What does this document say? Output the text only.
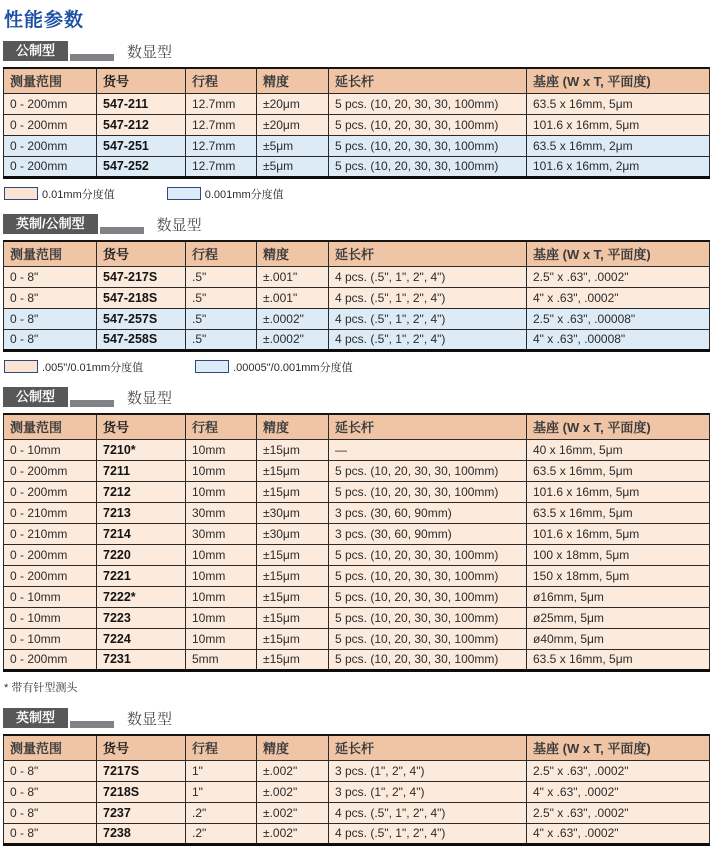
性能参数
公制型	数显型
测量范围	货号	行程	精度	延长杆	基座 (W x T, 平面度)
0 - 200mm	547-211	12.7mm	±20μm	5 pcs. (10, 20, 30, 30, 100mm)	63.5 x 16mm, 5μm
0 - 200mm	547-212	12.7mm	±20μm	5 pcs. (10, 20, 30, 30, 100mm)	101.6 x 16mm, 5μm
0 - 200mm	547-251	12.7mm	±5μm	5 pcs. (10, 20, 30, 30, 100mm)	63.5 x 16mm, 2μm
0 - 200mm	547-252	12.7mm	±5μm	5 pcs. (10, 20, 30, 30, 100mm)	101.6 x 16mm, 2μm
0.01mm分度值	0.001mm分度值
英制/公制型	数显型
测量范围	货号	行程	精度	延长杆	基座 (W x T, 平面度)
0 - 8"	547-217S	.5"	±.001"	4 pcs. (.5", 1", 2", 4")	2.5" x .63", .0002"
0 - 8"	547-218S	.5"	±.001"	4 pcs. (.5", 1", 2", 4")	4" x .63", .0002"
0 - 8"	547-257S	.5"	±.0002"	4 pcs. (.5", 1", 2", 4")	2.5" x .63", .00008"
0 - 8"	547-258S	.5"	±.0002"	4 pcs. (.5", 1", 2", 4")	4" x .63", .00008"
.005"/0.01mm分度值	.00005"/0.001mm分度值
公制型	数显型
测量范围	货号	行程	精度	延长杆	基座 (W x T, 平面度)
0 - 10mm	7210*	10mm	±15μm	—	40 x 16mm, 5μm
0 - 200mm	7211	10mm	±15μm	5 pcs. (10, 20, 30, 30, 100mm)	63.5 x 16mm, 5μm
0 - 200mm	7212	10mm	±15μm	5 pcs. (10, 20, 30, 30, 100mm)	101.6 x 16mm, 5μm
0 - 210mm	7213	30mm	±30μm	3 pcs. (30, 60, 90mm)	63.5 x 16mm, 5μm
0 - 210mm	7214	30mm	±30μm	3 pcs. (30, 60, 90mm)	101.6 x 16mm, 5μm
0 - 200mm	7220	10mm	±15μm	5 pcs. (10, 20, 30, 30, 100mm)	100 x 18mm, 5μm
0 - 200mm	7221	10mm	±15μm	5 pcs. (10, 20, 30, 30, 100mm)	150 x 18mm, 5μm
0 - 10mm	7222*	10mm	±15μm	5 pcs. (10, 20, 30, 30, 100mm)	ø16mm, 5μm
0 - 10mm	7223	10mm	±15μm	5 pcs. (10, 20, 30, 30, 100mm)	ø25mm, 5μm
0 - 10mm	7224	10mm	±15μm	5 pcs. (10, 20, 30, 30, 100mm)	ø40mm, 5μm
0 - 200mm	7231	5mm	±15μm	5 pcs. (10, 20, 30, 30, 100mm)	63.5 x 16mm, 5μm
* 带有针型测头
英制型	数显型
测量范围	货号	行程	精度	延长杆	基座 (W x T, 平面度)
0 - 8"	7217S	1"	±.002"	3 pcs. (1", 2", 4")	2.5" x .63", .0002"
0 - 8"	7218S	1"	±.002"	3 pcs. (1", 2", 4")	4" x .63", .0002"
0 - 8"	7237	.2"	±.002"	4 pcs. (.5", 1", 2", 4")	2.5" x .63", .0002"
0 - 8"	7238	.2"	±.002"	4 pcs. (.5", 1", 2", 4")	4" x .63", .0002"
